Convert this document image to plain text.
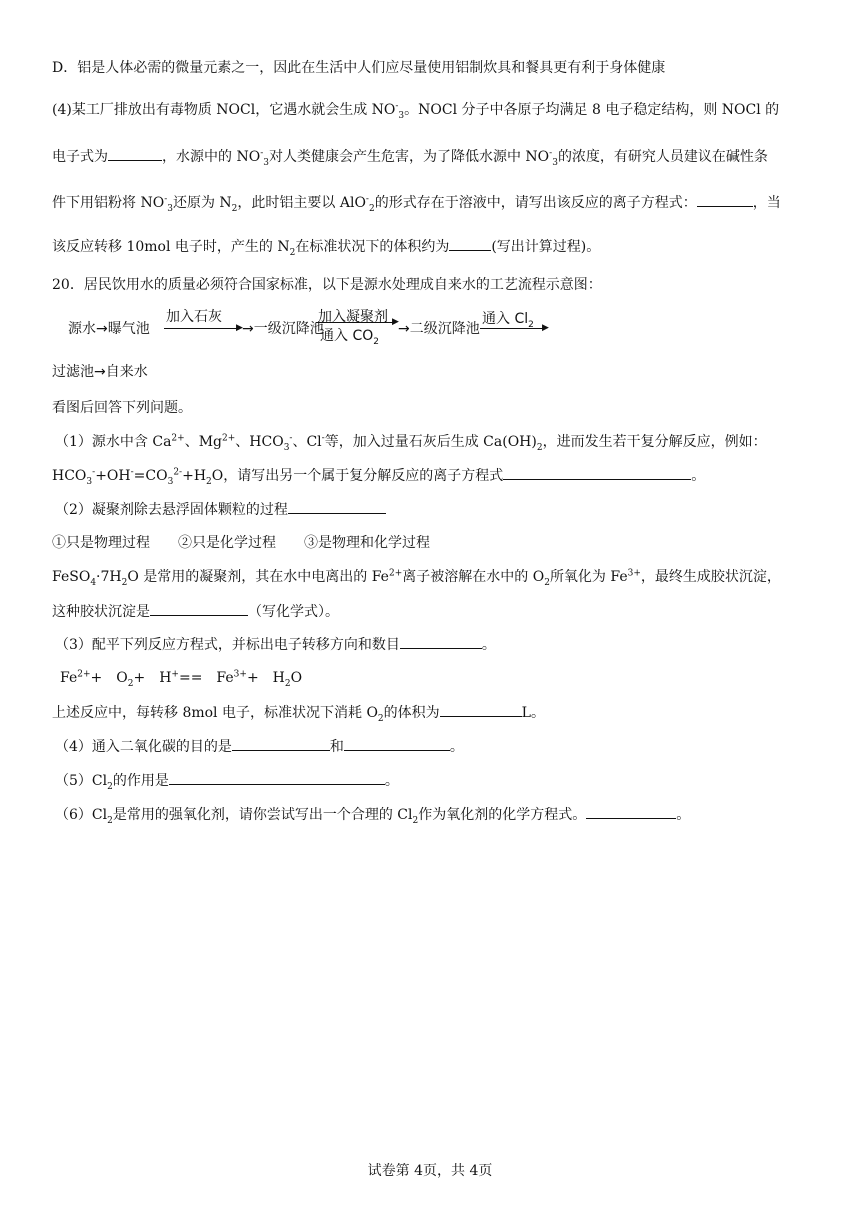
D．铝是人体必需的微量元素之一，因此在生活中人们应尽量使用铝制炊具和餐具更有利于身体健康
(4)某工厂排放出有毒物质 NOCl，它遇水就会生成 $NO^-_3$。NOCl 分子中各原子均满足 8 电子稳定结构，则 NOCl 的
电子式为	，水源中的 $NO^-_3$对人类健康会产生危害，为了降低水源中 $NO^-_3$的浓度，有研究人员建议在碱性条
件下用铝粉将 $NO^-_3$还原为 $N_2$，此时铝主要以 AlO-$_2$的形式存在于溶液中，请写出该反应的离子方程式：	，当
该反应转移 10mol 电子时，产生的 $N_2$在标准状况下的体积约为	(写出计算过程)。
20．居民饮用水的质量必须符合国家标准，以下是源水处理成自来水的工艺流程示意图：
源水→曝气池
加入石灰
▶ →一级沉降池
加入凝聚剂 ▶
通入 $CO_2$
→二级沉降池
通入 $Cl_2$ ▶
过滤池→自来水
看图后回答下列问题。
（1）源水中含 $Ca^{2+}$、$Mg^{2+}$、$HCO_3^-$、Cl-等，加入过量石灰后生成 $Ca(OH)_2$，进而发生若干复分解反应，例如：
$HCO_3^-+OH^-=CO_3^{2-}+H_2O$，请写出另一个属于复分解反应的离子方程式	。
（2）凝聚剂除去悬浮固体颗粒的过程
①只是物理过程　　②只是化学过程　　③是物理和化学过程
$FeSO_4\cdot 7H_2O$ 是常用的凝聚剂，其在水中电离出的 $Fe^{2+}$离子被溶解在水中的 $O_2$所氧化为 $Fe^{3+}$，最终生成胶状沉淀，
这种胶状沉淀是	（写化学式）。
（3）配平下列反应方程式，并标出电子转移方向和数目	。
$Fe^{2+}+$　$O_2+$　H+==　$Fe^{3+}+$　$H_2O$
上述反应中，每转移 8mol 电子，标准状况下消耗 $O_2$的体积为	L。
（4）通入二氧化碳的目的是	和	。
$(5)Cl_2$的作用是	。
$(6)Cl_2$是常用的强氧化剂，请你尝试写出一个合理的 $Cl_2$作为氧化剂的化学方程式。	。
试卷第 4页，共 4页
